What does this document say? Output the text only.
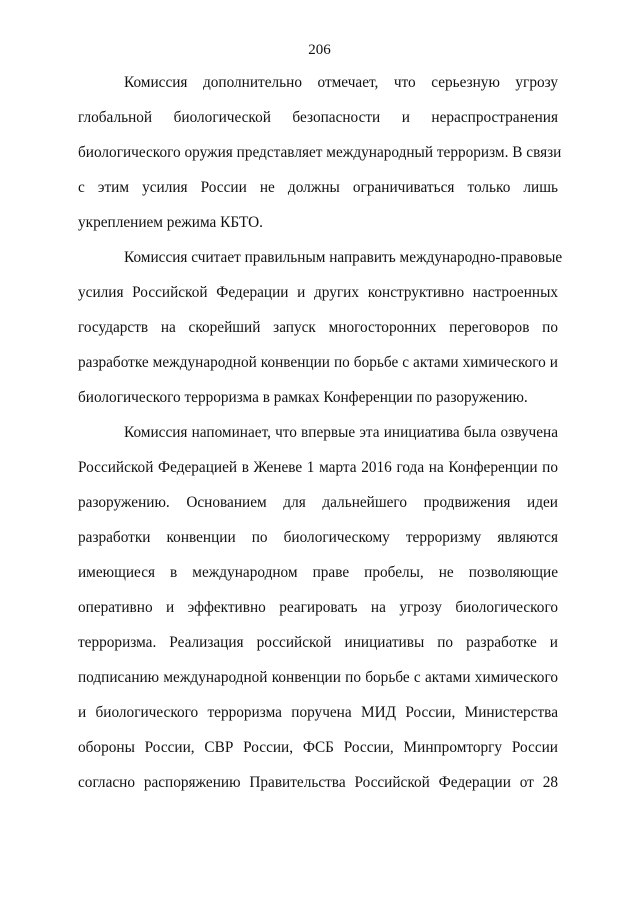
206
Комиссия дополнительно отмечает, что серьезную угрозу
глобальной биологической безопасности и нераспространения
биологического оружия представляет международный терроризм. В связи
с этим усилия России не должны ограничиваться только лишь
укреплением режима КБТО.
Комиссия считает правильным направить международно-правовые
усилия Российской Федерации и других конструктивно настроенных
государств на скорейший запуск многосторонних переговоров по
разработке международной конвенции по борьбе с актами химического и
биологического терроризма в рамках Конференции по разоружению.
Комиссия напоминает, что впервые эта инициатива была озвучена
Российской Федерацией в Женеве 1 марта 2016 года на Конференции по
разоружению. Основанием для дальнейшего продвижения идеи
разработки конвенции по биологическому терроризму являются
имеющиеся в международном праве пробелы, не позволяющие
оперативно и эффективно реагировать на угрозу биологического
терроризма. Реализация российской инициативы по разработке и
подписанию международной конвенции по борьбе с актами химического
и биологического терроризма поручена МИД России, Министерства
обороны России, СВР России, ФСБ России, Минпромторгу России
согласно распоряжению Правительства Российской Федерации от 28
